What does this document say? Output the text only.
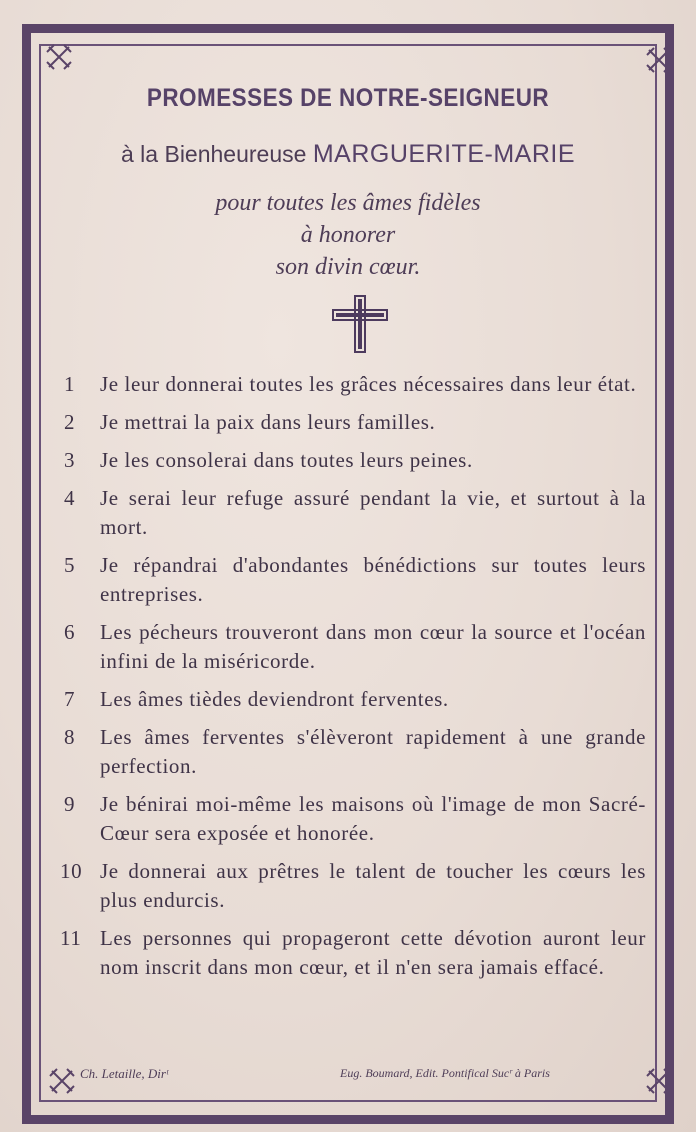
PROMESSES DE NOTRE-SEIGNEUR
à la Bienheureuse MARGUERITE-MARIE
pour toutes les âmes fidèles
à honorer
son divin cœur.
1	Je leur donnerai toutes les grâces nécessaires dans leur état.
2	Je mettrai la paix dans leurs familles.
3	Je les consolerai dans toutes leurs peines.
4	Je serai leur refuge assuré pendant la vie, et surtout à la mort.
5	Je répandrai d'abondantes bénédictions sur toutes leurs entreprises.
6	Les pécheurs trouveront dans mon cœur la source et l'océan infini de la miséricorde.
7	Les âmes tièdes deviendront ferventes.
8	Les âmes ferventes s'élèveront rapidement à une grande perfection.
9	Je bénirai moi-même les maisons où l'image de mon Sacré-Cœur sera exposée et honorée.
10 Je donnerai aux prêtres le talent de toucher les cœurs les plus endurcis.
11 Les personnes qui propageront cette dévotion auront leur nom inscrit dans mon cœur, et il n'en sera jamais effacé.
Ch. Letaille, Dirᵗ	Eug. Boumard, Edit. Pontifical Sucʳ à Paris
